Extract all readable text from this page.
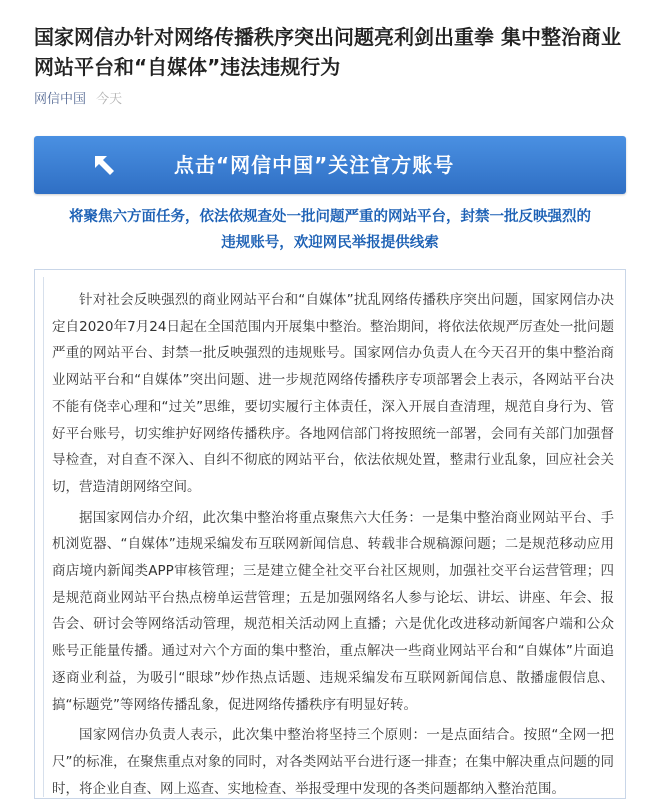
国家网信办针对网络传播秩序突出问题亮利剑出重拳 集中整治商业网站平台和“自媒体”违法违规行为
网信中国 今天
点击“网信中国”关注官方账号
将聚焦六方面任务，依法依规查处一批问题严重的网站平台，封禁一批反映强烈的
违规账号，欢迎网民举报提供线索

针对社会反映强烈的商业网站平台和“自媒体”扰乱网络传播秩序突出问题，国家网信办决定自2020年7月24日起在全国范围内开展集中整治。整治期间，将依法依规严厉查处一批问题严重的网站平台、封禁一批反映强烈的违规账号。国家网信办负责人在今天召开的集中整治商业网站平台和“自媒体”突出问题、进一步规范网络传播秩序专项部署会上表示，各网站平台决不能有侥幸心理和“过关”思维，要切实履行主体责任，深入开展自查清理，规范自身行为、管好平台账号，切实维护好网络传播秩序。各地网信部门将按照统一部署，会同有关部门加强督导检查，对自查不深入、自纠不彻底的网站平台，依法依规处置，整肃行业乱象，回应社会关切，营造清朗网络空间。

据国家网信办介绍，此次集中整治将重点聚焦六大任务：一是集中整治商业网站平台、手机浏览器、“自媒体”违规采编发布互联网新闻信息、转载非合规稿源问题；二是规范移动应用商店境内新闻类APP审核管理；三是建立健全社交平台社区规则，加强社交平台运营管理；四是规范商业网站平台热点榜单运营管理；五是加强网络名人参与论坛、讲坛、讲座、年会、报告会、研讨会等网络活动管理，规范相关活动网上直播；六是优化改进移动新闻客户端和公众账号正能量传播。通过对六个方面的集中整治，重点解决一些商业网站平台和“自媒体”片面追逐商业利益，为吸引“眼球”炒作热点话题、违规采编发布互联网新闻信息、散播虚假信息、搞“标题党”等网络传播乱象，促进网络传播秩序有明显好转。

国家网信办负责人表示，此次集中整治将坚持三个原则：一是点面结合。按照“全网一把尺”的标准，在聚焦重点对象的同时，对各类网站平台进行逐一排查；在集中解决重点问题的同时，将企业自查、网上巡查、实地检查、举报受理中发现的各类问题都纳入整治范围。
